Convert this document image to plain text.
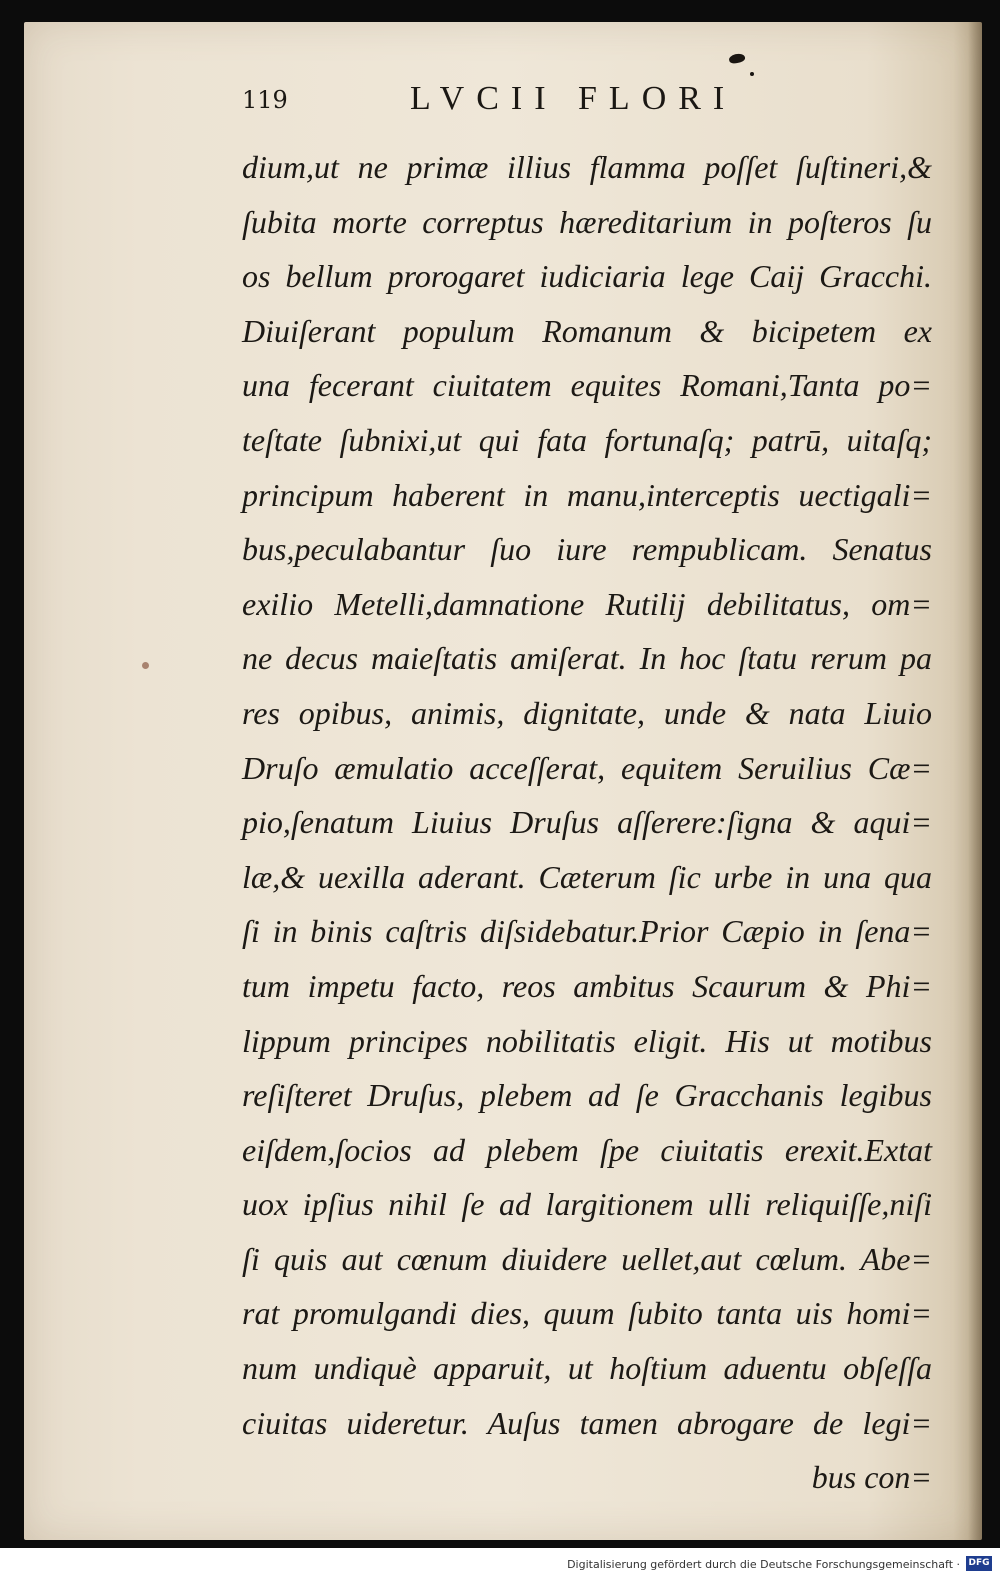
119	LVCII FLORI
dium,ut ne primæ illius flamma poſſet ſuſtineri,&
ſubita morte correptus hæreditarium in poſteros ſu
os bellum prorogaret iudiciaria lege Caij Gracchi.
Diuiſerant populum Romanum & bicipetem ex
una fecerant ciuitatem equites Romani,Tanta po=
teſtate ſubnixi,ut qui fata fortunaſq; patrū, uitaſq;
principum haberent in manu,interceptis uectigali=
bus,peculabantur ſuo iure rempublicam. Senatus
exilio Metelli,damnatione Rutilij debilitatus, om=
ne decus maieſtatis amiſerat. In hoc ſtatu rerum pa
res opibus, animis, dignitate, unde & nata Liuio
Druſo æmulatio acceſſerat, equitem Seruilius Cæ=
pio,ſenatum Liuius Druſus aſſerere:ſigna & aqui=
læ,& uexilla aderant. Cæterum ſic urbe in una qua
ſi in binis caſtris diſsidebatur.Prior Cæpio in ſena=
tum impetu facto, reos ambitus Scaurum & Phi=
lippum principes nobilitatis eligit. His ut motibus
reſiſteret Druſus, plebem ad ſe Gracchanis legibus
eiſdem,ſocios ad plebem ſpe ciuitatis erexit.Extat
uox ipſius nihil ſe ad largitionem ulli reliquiſſe,niſi
ſi quis aut cœnum diuidere uellet,aut cœlum. Abe=
rat promulgandi dies, quum ſubito tanta uis homi=
num undiquè apparuit, ut hoſtium aduentu obſeſſa
ciuitas uideretur. Auſus tamen abrogare de legi=
bus con=
Digitalisierung gefördert durch die Deutsche Forschungsgemeinschaft · DFG
